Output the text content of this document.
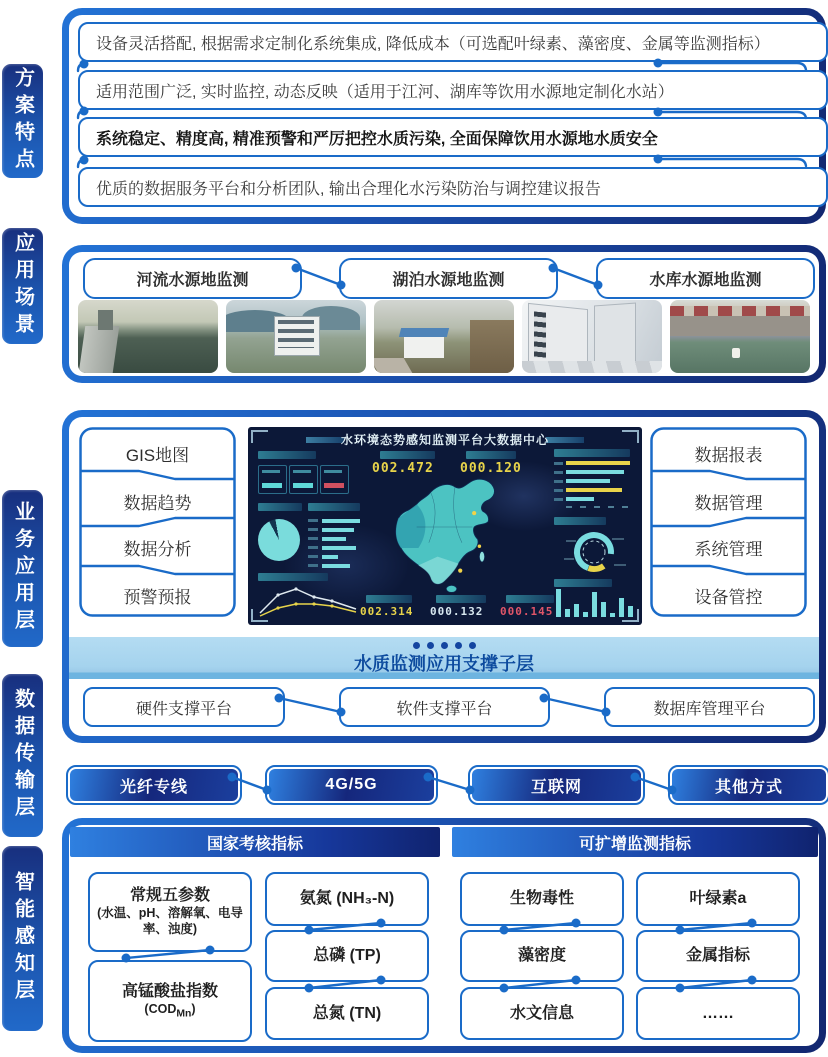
方案特点
应用场景
业务应用层
数据传输层
智能感知层
设备灵活搭配, 根据需求定制化系统集成, 降低成本（可选配叶绿素、藻密度、金属等监测指标）
适用范围广泛, 实时监控, 动态反映（适用于江河、湖库等饮用水源地定制化水站）
系统稳定、精度高, 精准预警和严厉把控水质污染, 全面保障饮用水源地水质安全
优质的数据服务平台和分析团队, 输出合理化水污染防治与调控建议报告
河流水源地监测	湖泊水源地监测	水库水源地监测
GIS地图
数据趋势
数据分析
预警预报
数据报表
数据管理
系统管理
设备管控
水环境态势感知监测平台大数据中心
002.472 000.120
002.314 000.132 000.145
水质监测应用支撑子层
硬件支撑平台	软件支撑平台	数据库管理平台
光纤专线	4G/5G	互联网	其他方式
国家考核指标	可扩增监测指标
常规五参数
(水温、pH、溶解氧、电导率、浊度)
高锰酸盐指数
$(COD_{Mn})$
氨氮 (NH₃-N)
总磷 (TP)
总氮 (TN)
生物毒性
藻密度
水文信息
叶绿素a
金属指标
……
